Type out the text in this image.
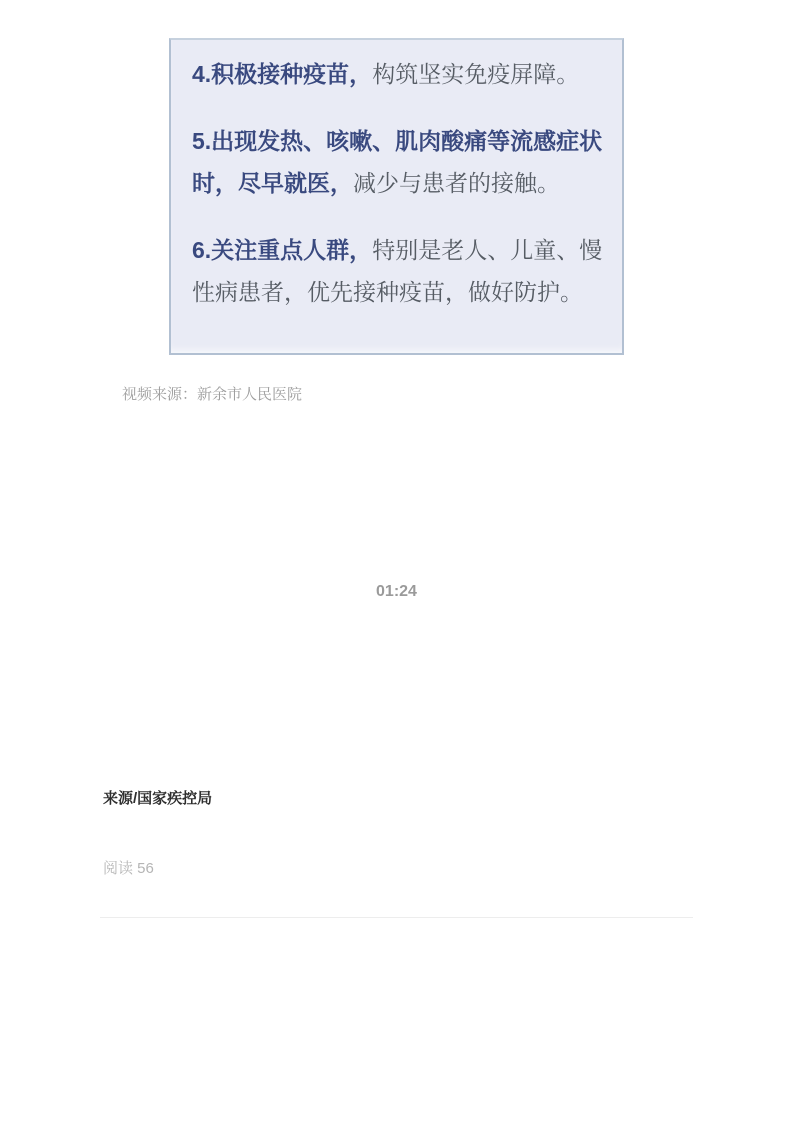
4.积极接种疫苗，构筑坚实免疫屏障。

5.出现发热、咳嗽、肌肉酸痛等流感症状时，尽早就医，减少与患者的接触。

6.关注重点人群，特别是老人、儿童、慢性病患者，优先接种疫苗，做好防护。

视频来源：新余市人民医院
01:24
来源/国家疾控局
阅读 56
